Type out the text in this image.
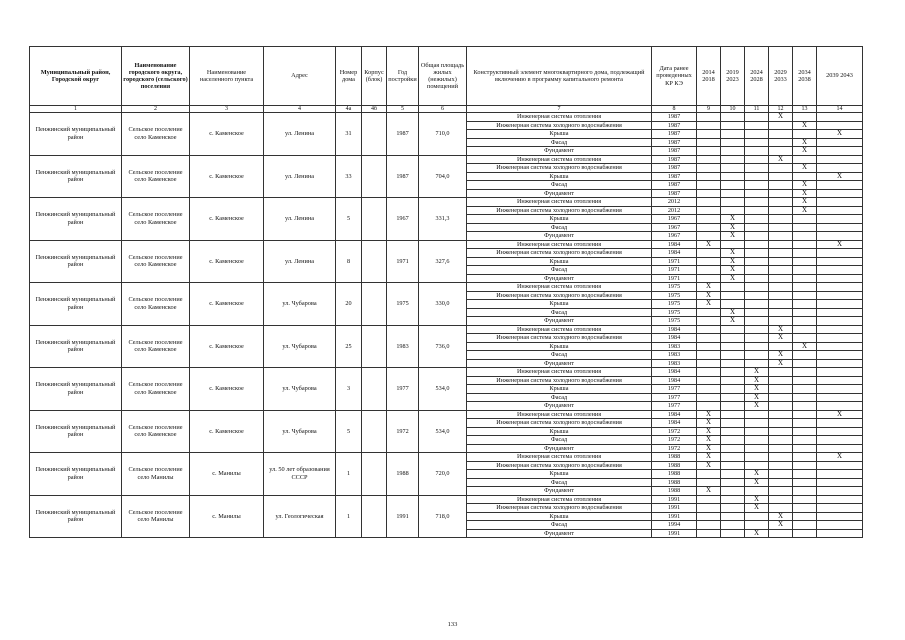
Муниципальный район, Городской округ	Наименование городского округа, городского (сельского) поселения	Наименование населенного пункта	Адрес	Номер дома	Корпус (блок)	Год постройки	Общая площадь жилых (нежилых) помещений	Конструктивный элемент многоквартирного дома, подлежащий включению в программу капитального ремонта	Дата ранее проведенных КР КЭ	2014 2018	2019 2023	2024 2028	2029 2033	2034 2038	2039 2043
1	2	3	4	4а	4б	5	6	7	8	9	10	11	12	13	14
Пенжинский муниципальный район	Сельское поселение село Каменское	с. Каменское	ул. Ленина	31		1987	710,0	Инженерная система отопления	1987				X		
								Инженерная система холодного водоснабжения	1987					X	
								Крыша	1987						X
								Фасад	1987					X	
								Фундамент	1987					X	
Пенжинский муниципальный район	Сельское поселение село Каменское	с. Каменское	ул. Ленина	33		1987	704,0	Инженерная система отопления	1987				X		
								Инженерная система холодного водоснабжения	1987					X	
								Крыша	1987						X
								Фасад	1987					X	
								Фундамент	1987					X	
Пенжинский муниципальный район	Сельское поселение село Каменское	с. Каменское	ул. Ленина	5		1967	331,3	Инженерная система отопления	2012					X	
								Инженерная система холодного водоснабжения	2012					X	
								Крыша	1967		X				
								Фасад	1967		X				
								Фундамент	1967		X				
Пенжинский муниципальный район	Сельское поселение село Каменское	с. Каменское	ул. Ленина	8		1971	327,6	Инженерная система отопления	1984	X					X
								Инженерная система холодного водоснабжения	1984		X				
								Крыша	1971		X				
								Фасад	1971		X				
								Фундамент	1971		X				
Пенжинский муниципальный район	Сельское поселение село Каменское	с. Каменское	ул. Чубарова	20		1975	330,0	Инженерная система отопления	1975	X					
								Инженерная система холодного водоснабжения	1975	X					
								Крыша	1975	X					
								Фасад	1975		X				
								Фундамент	1975		X				
Пенжинский муниципальный район	Сельское поселение село Каменское	с. Каменское	ул. Чубарова	25		1983	736,0	Инженерная система отопления	1984				X		
								Инженерная система холодного водоснабжения	1984				X		
								Крыша	1983					X	
								Фасад	1983				X		
								Фундамент	1983				X		
Пенжинский муниципальный район	Сельское поселение село Каменское	с. Каменское	ул. Чубарова	3		1977	534,0	Инженерная система отопления	1984			X			
								Инженерная система холодного водоснабжения	1984			X			
								Крыша	1977			X			
								Фасад	1977			X			
								Фундамент	1977			X			
Пенжинский муниципальный район	Сельское поселение село Каменское	с. Каменское	ул. Чубарова	5		1972	534,0	Инженерная система отопления	1984	X					X
								Инженерная система холодного водоснабжения	1984	X					
								Крыша	1972	X					
								Фасад	1972	X					
								Фундамент	1972	X					
Пенжинский муниципальный район	Сельское поселение село Манилы	с. Манилы	ул. 50 лет образования СССР	1		1988	720,0	Инженерная система отопления	1988	X					X
								Инженерная система холодного водоснабжения	1988	X					
								Крыша	1988			X			
								Фасад	1988			X			
								Фундамент	1988	X					
Пенжинский муниципальный район	Сельское поселение село Манилы	с. Манилы	ул. Геологическая	1		1991	718,0	Инженерная система отопления	1991			X			
								Инженерная система холодного водоснабжения	1991			X			
								Крыша	1991				X		
								Фасад	1994				X		
								Фундамент	1991			X			
133
